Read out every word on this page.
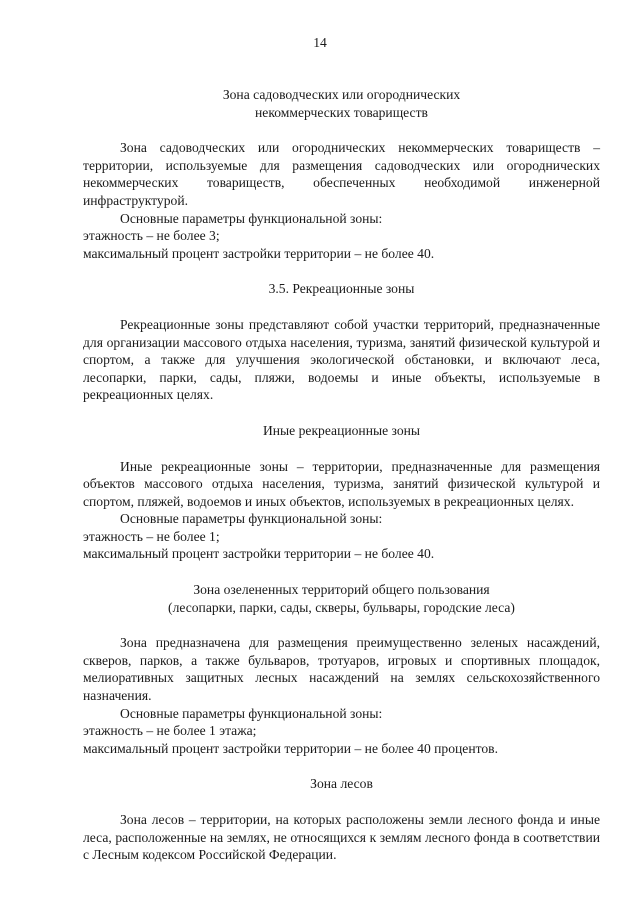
14
Зона садоводческих или огороднических
некоммерческих товариществ
Зона садоводческих или огороднических некоммерческих товариществ – территории, используемые для размещения садоводческих или огороднических некоммерческих товариществ, обеспеченных необходимой инженерной инфраструктурой.
Основные параметры функциональной зоны:
этажность – не более 3;
максимальный процент застройки территории – не более 40.
3.5. Рекреационные зоны
Рекреационные зоны представляют собой участки территорий, предназначенные для организации массового отдыха населения, туризма, занятий физической культурой и спортом, а также для улучшения экологической обстановки, и включают леса, лесопарки, парки, сады, пляжи, водоемы и иные объекты, используемые в рекреационных целях.
Иные рекреационные зоны
Иные рекреационные зоны – территории, предназначенные для размещения объектов массового отдыха населения, туризма, занятий физической культурой и спортом, пляжей, водоемов и иных объектов, используемых в рекреационных целях.
Основные параметры функциональной зоны:
этажность – не более 1;
максимальный процент застройки территории – не более 40.
Зона озелененных территорий общего пользования
(лесопарки, парки, сады, скверы, бульвары, городские леса)
Зона предназначена для размещения преимущественно зеленых насаждений, скверов, парков, а также бульваров, тротуаров, игровых и спортивных площадок, мелиоративных защитных лесных насаждений на землях сельскохозяйственного назначения.
Основные параметры функциональной зоны:
этажность – не более 1 этажа;
максимальный процент застройки территории – не более 40 процентов.
Зона лесов
Зона лесов – территории, на которых расположены земли лесного фонда и иные леса, расположенные на землях, не относящихся к землям лесного фонда в соответствии с Лесным кодексом Российской Федерации.
